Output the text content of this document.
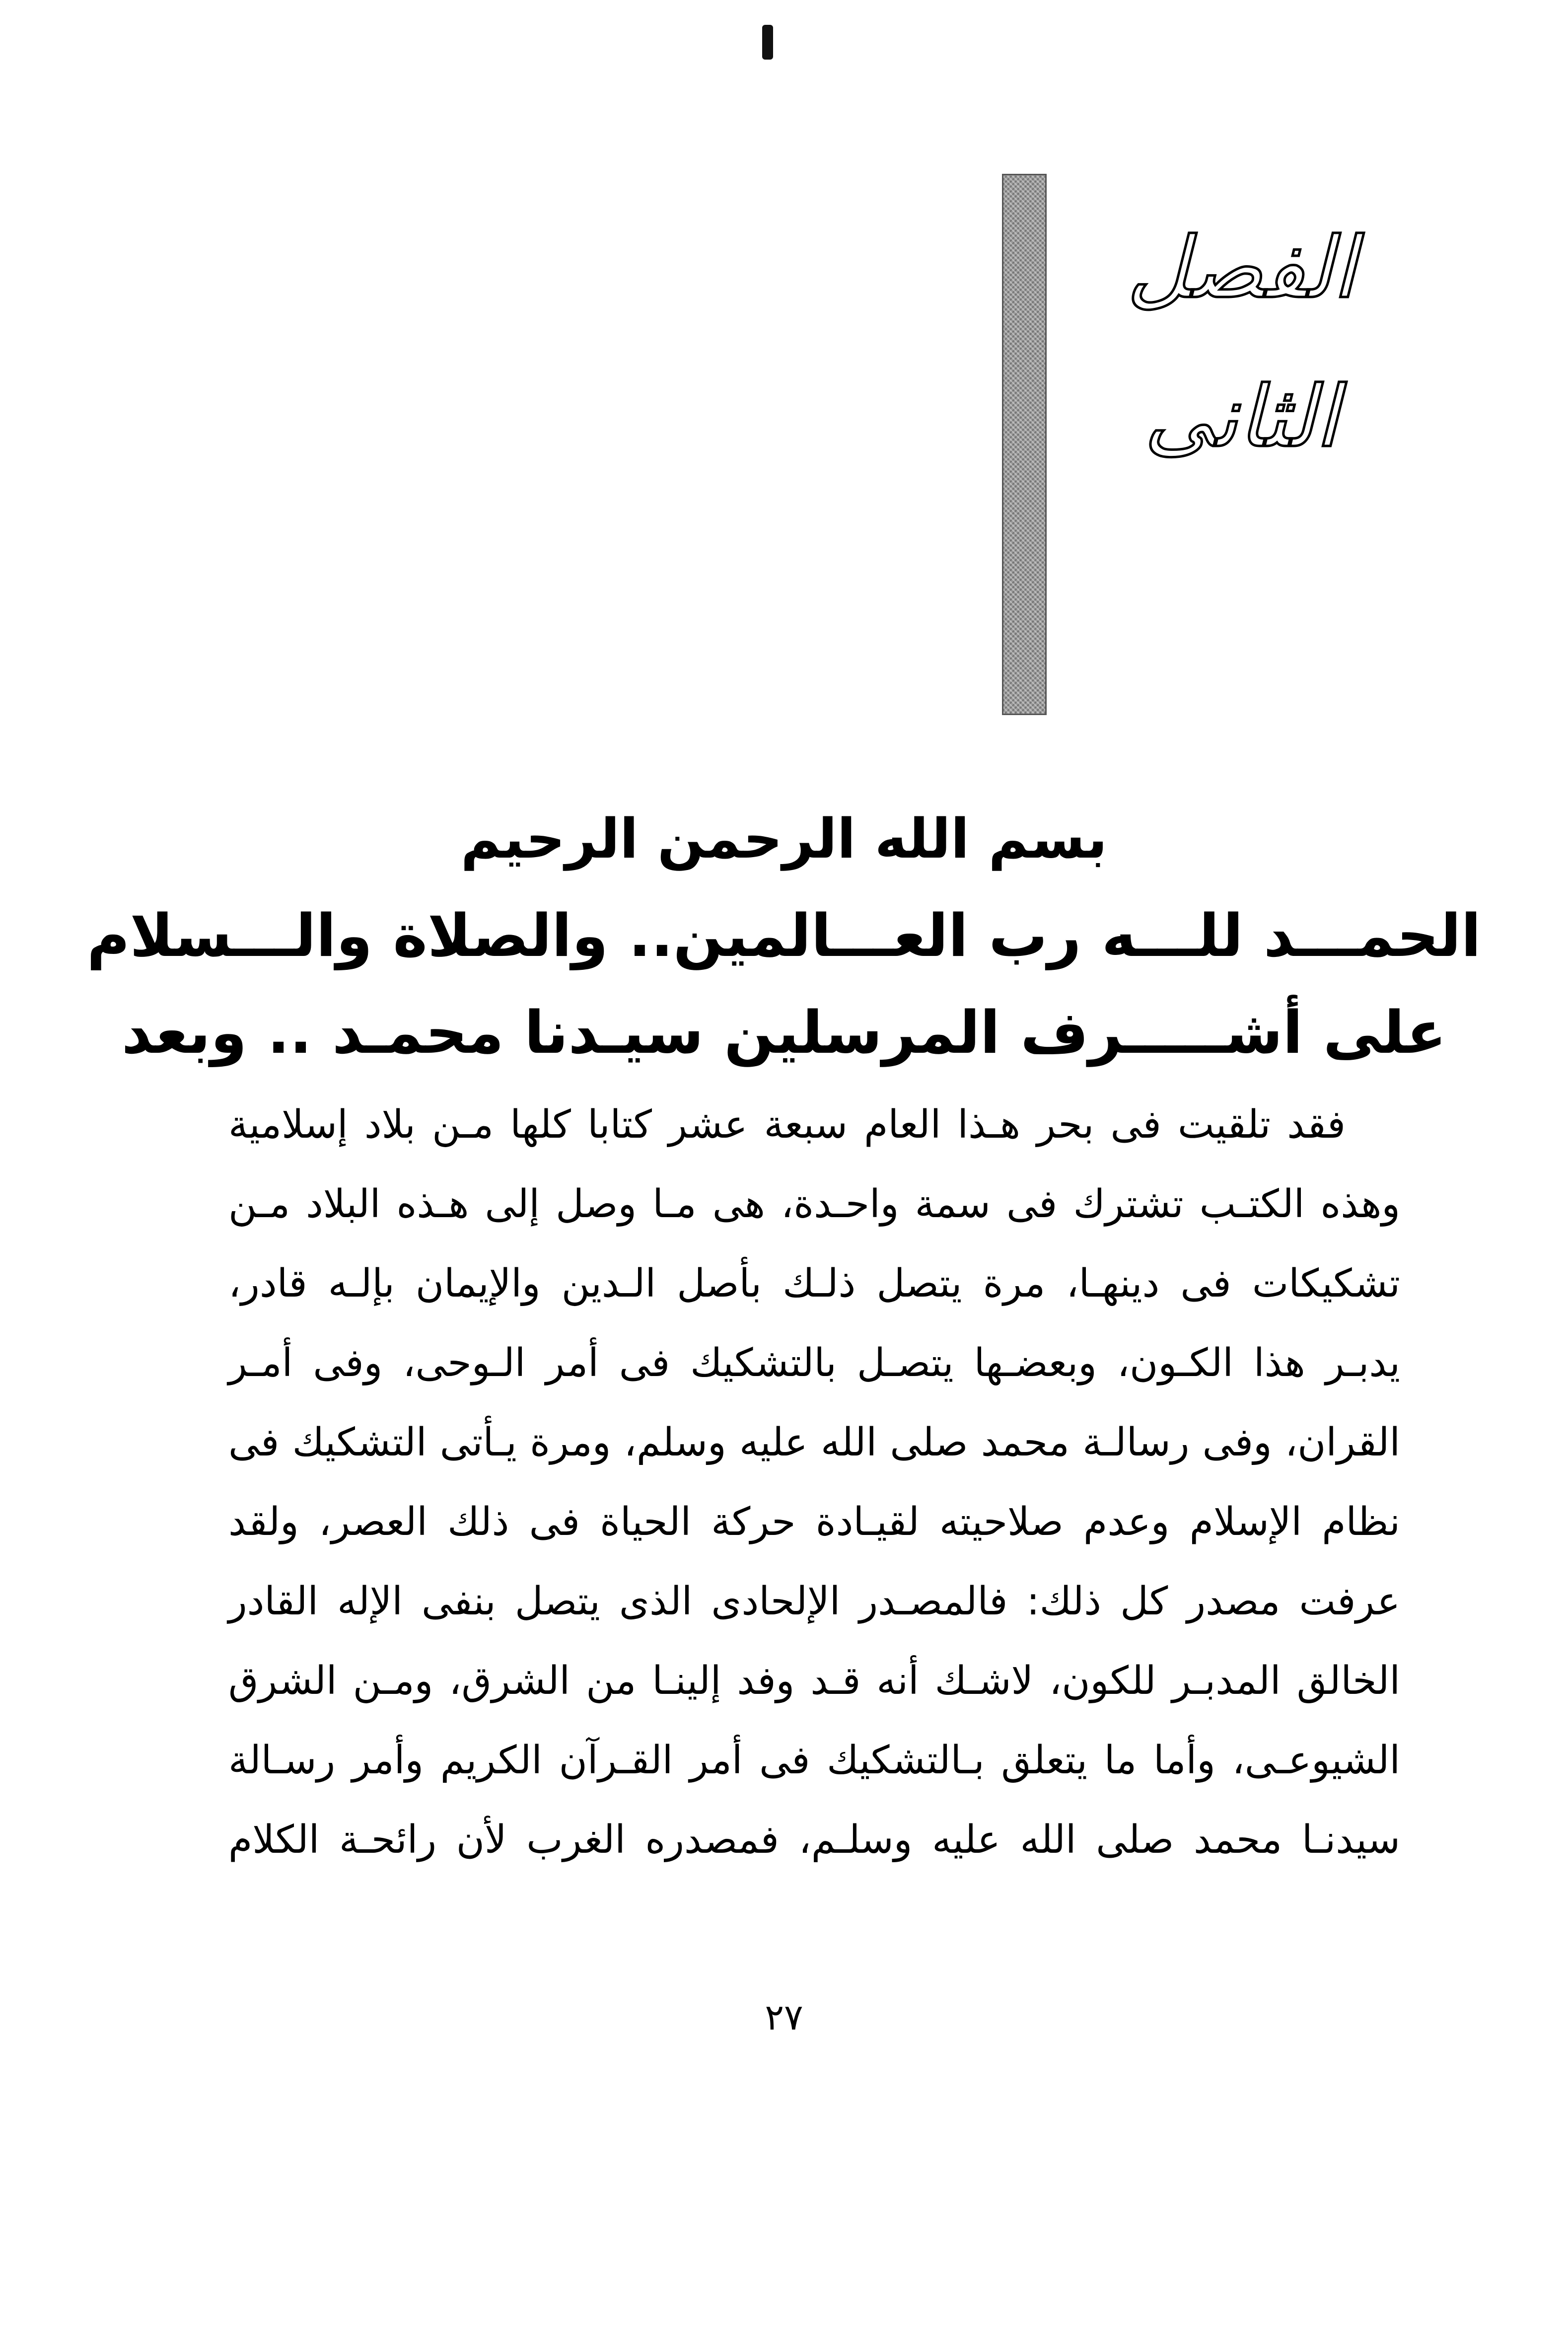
الفصل
الثانى
بسم الله الرحمن الرحيم
الحمـــد للـــه رب العـــالمين.. والصلاة والـــسلام
على أشـــــرف المرسلين سيـدنا محمـد .. وبعد
فقد تلقيت فى بحر هـذا العام سبعة عشر كتابا كلها مـن بلاد إسلامية
وهذه الكتـب تشترك فى سمة واحـدة، هى مـا وصل إلى هـذه البلاد مـن
تشكيكات فى دينهـا، مرة يتصل ذلـك بأصل الـدين والإيمان بإلـه قادر،
يدبـر هذا الكـون، وبعضـها يتصـل بالتشكيك فى أمر الـوحى، وفى أمـر
القران، وفى رسالـة محمد صلى الله عليه وسلم، ومرة يـأتى التشكيك فى
نظام الإسلام وعدم صلاحيته لقيـادة حركة الحياة فى ذلك العصر، ولقد
عرفت مصدر كل ذلك: فالمصـدر الإلحادى الذى يتصل بنفى الإله القادر
الخالق المدبـر للكون، لاشـك أنه قـد وفد إلينـا من الشرق، ومـن الشرق
الشيوعـى، وأما ما يتعلق بـالتشكيك فى أمر القـرآن الكريم وأمر رسـالة
سيدنـا محمد صلى الله عليه وسلـم، فمصدره الغرب لأن رائحـة الكلام
٢٧
